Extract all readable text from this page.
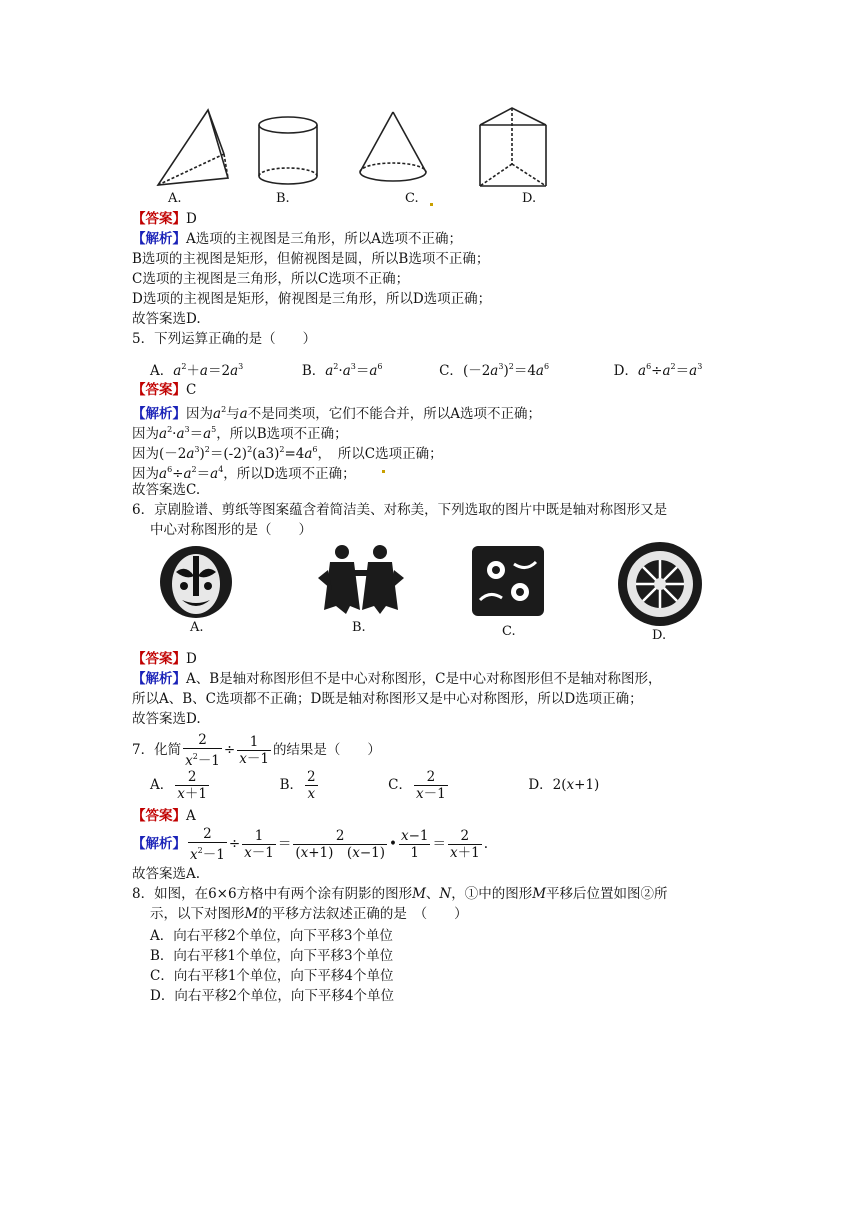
A.	B.	C.	D.
【答案】D
【解析】A选项的主视图是三角形，所以A选项不正确；
B选项的主视图是矩形，但俯视图是圆，所以B选项不正确；
C选项的主视图是三角形，所以C选项不正确；
D选项的主视图是矩形，俯视图是三角形，所以D选项正确；
故答案选D.
5．下列运算正确的是（　　）
A．$a^2+a=2a^3$	B．$a^2\cdot a^3=a^6$	C．$(-2a^3)^2=4a^6$	D．$a^6\div a^2=a^3$
【答案】C
【解析】因为$a^2$与a不是同类项，它们不能合并，所以A选项不正确；
因为$a^2\cdot a^3=a^5$，所以B选项不正确；
因为$(-2a^3)^2=(-2)^2(a3)^2=4a^6$，　所以C选项正确；
因为$a^6\div a^2=a^4$，所以D选项不正确；
故答案选C.
6．京剧脸谱、剪纸等图案蕴含着简洁美、对称美，下列选取的图片中既是轴对称图形又是
中心对称图形的是（　　）
A.	B.	C.	D.
【答案】D
【解析】A、B是轴对称图形但不是中心对称图形，C是中心对称图形但不是轴对称图形，
所以A、B、C选项都不正确；D既是轴对称图形又是中心对称图形，所以D选项正确；
故答案选D.
7．化简 $\frac{2}{x^2-1} \div \frac{1}{x-1}$ 的结果是（　　）
A． $\frac{2}{x+1}$	B． $\frac{2}{x}$	C． $\frac{2}{x-1}$	D．2(x+1)
【答案】A
【解析】 $\frac{2}{x^2-1} \div \frac{1}{x-1} = \frac{2}{(x+1) (x-1)}$ • $\frac{x-1}{1} = \frac{2}{x+1}$ .
故答案选A.
8．如图，在6×6方格中有两个涂有阴影的图形M、N，①中的图形M平移后位置如图②所
示，以下对图形M的平移方法叙述正确的是　（　　）
A．向右平移2个单位，向下平移3个单位
B．向右平移1个单位，向下平移3个单位
C．向右平移1个单位，向下平移4个单位
D．向右平移2个单位，向下平移4个单位
